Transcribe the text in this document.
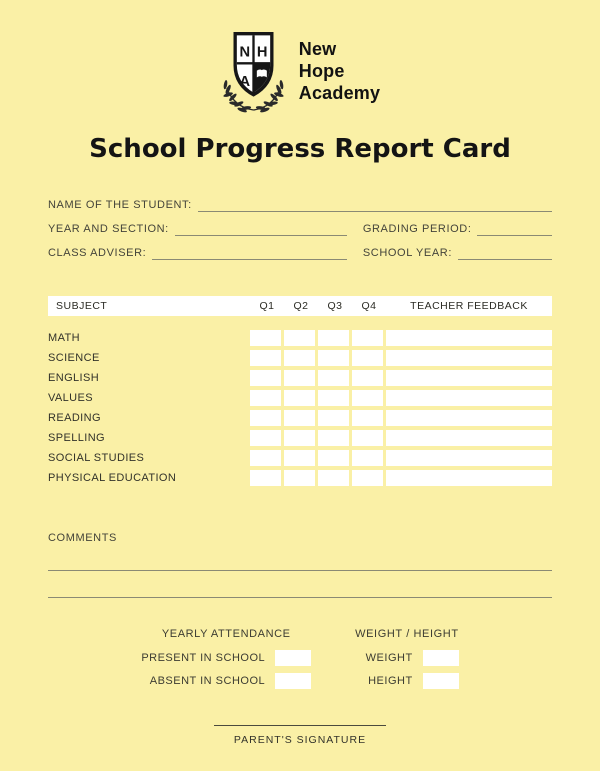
N H
A
New
Hope
Academy
School Progress Report Card
NAME OF THE STUDENT:
YEAR AND SECTION:	GRADING PERIOD:
CLASS ADVISER:	SCHOOL YEAR:
SUBJECT	Q1	Q2	Q3	Q4	TEACHER FEEDBACK
MATH
SCIENCE
ENGLISH
VALUES
READING
SPELLING
SOCIAL STUDIES
PHYSICAL EDUCATION
COMMENTS
YEARLY ATTENDANCE
PRESENT IN SCHOOL
ABSENT IN SCHOOL
WEIGHT / HEIGHT
WEIGHT
HEIGHT
PARENT'S SIGNATURE
